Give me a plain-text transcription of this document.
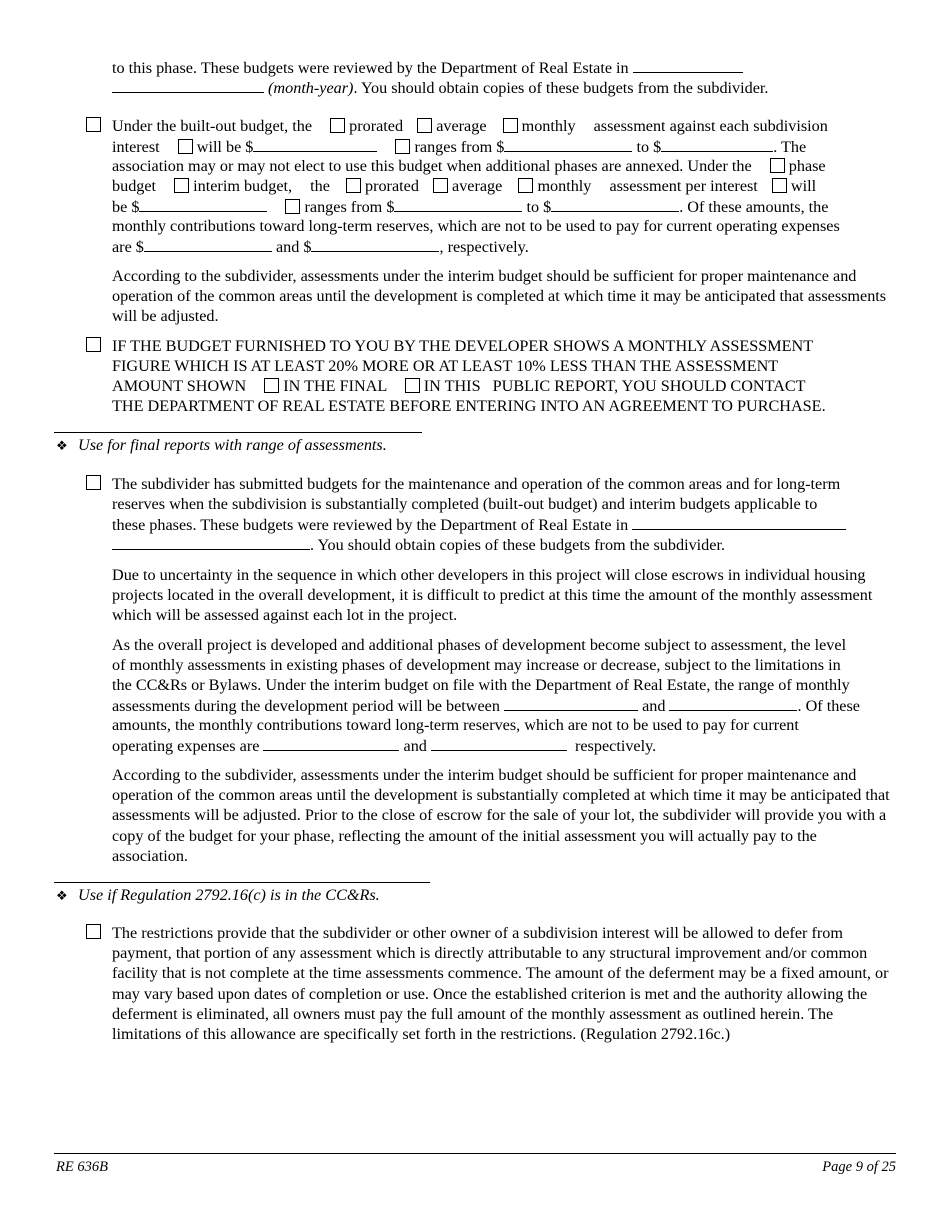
to this phase. These budgets were reviewed by the Department of Real Estate in
(month-year). You should obtain copies of these budgets from the subdivider.
Under the built-out budget, the prorated average monthly assessment against each subdivision
interest will be $	ranges from $	to $	. The
association may or may not elect to use this budget when additional phases are annexed. Under the phase
budget interim budget, the prorated average monthly assessment per interest will
be $	ranges from $	to $	. Of these amounts, the
monthly contributions toward long-term reserves, which are not to be used to pay for current operating expenses
are $	and $	, respectively.

According to the subdivider, assessments under the interim budget should be sufficient for proper maintenance and operation of the common areas until the development is completed at which time it may be anticipated that assessments will be adjusted.

IF THE BUDGET FURNISHED TO YOU BY THE DEVELOPER SHOWS A MONTHLY ASSESSMENT
FIGURE WHICH IS AT LEAST 20% MORE OR AT LEAST 10% LESS THAN THE ASSESSMENT
AMOUNT SHOWN IN THE FINAL IN THIS PUBLIC REPORT, YOU SHOULD CONTACT
THE DEPARTMENT OF REAL ESTATE BEFORE ENTERING INTO AN AGREEMENT TO PURCHASE.
❖ Use for final reports with range of assessments.
The subdivider has submitted budgets for the maintenance and operation of the common areas and for long-term
reserves when the subdivision is substantially completed (built-out budget) and interim budgets applicable to
these phases. These budgets were reviewed by the Department of Real Estate in
. You should obtain copies of these budgets from the subdivider.

Due to uncertainty in the sequence in which other developers in this project will close escrows in individual housing projects located in the overall development, it is difficult to predict at this time the amount of the monthly assessment which will be assessed against each lot in the project.

As the overall project is developed and additional phases of development become subject to assessment, the level
of monthly assessments in existing phases of development may increase or decrease, subject to the limitations in
the CC&Rs or Bylaws. Under the interim budget on file with the Department of Real Estate, the range of monthly
assessments during the development period will be between	and	. Of these
amounts, the monthly contributions toward long-term reserves, which are not to be used to pay for current
operating expenses are	and	respectively.

According to the subdivider, assessments under the interim budget should be sufficient for proper maintenance and operation of the common areas until the development is substantially completed at which time it may be anticipated that assessments will be adjusted. Prior to the close of escrow for the sale of your lot, the subdivider will provide you with a copy of the budget for your phase, reflecting the amount of the initial assessment you will actually pay to the association.

❖ Use if Regulation 2792.16(c) is in the CC&Rs.

The restrictions provide that the subdivider or other owner of a subdivision interest will be allowed to defer from payment, that portion of any assessment which is directly attributable to any structural improvement and/or common facility that is not complete at the time assessments commence. The amount of the deferment may be a fixed amount, or may vary based upon dates of completion or use. Once the established criterion is met and the authority allowing the deferment is eliminated, all owners must pay the full amount of the monthly assessment as outlined herein. The limitations of this allowance are specifically set forth in the restrictions. (Regulation 2792.16c.)

RE 636B	Page 9 of 25
